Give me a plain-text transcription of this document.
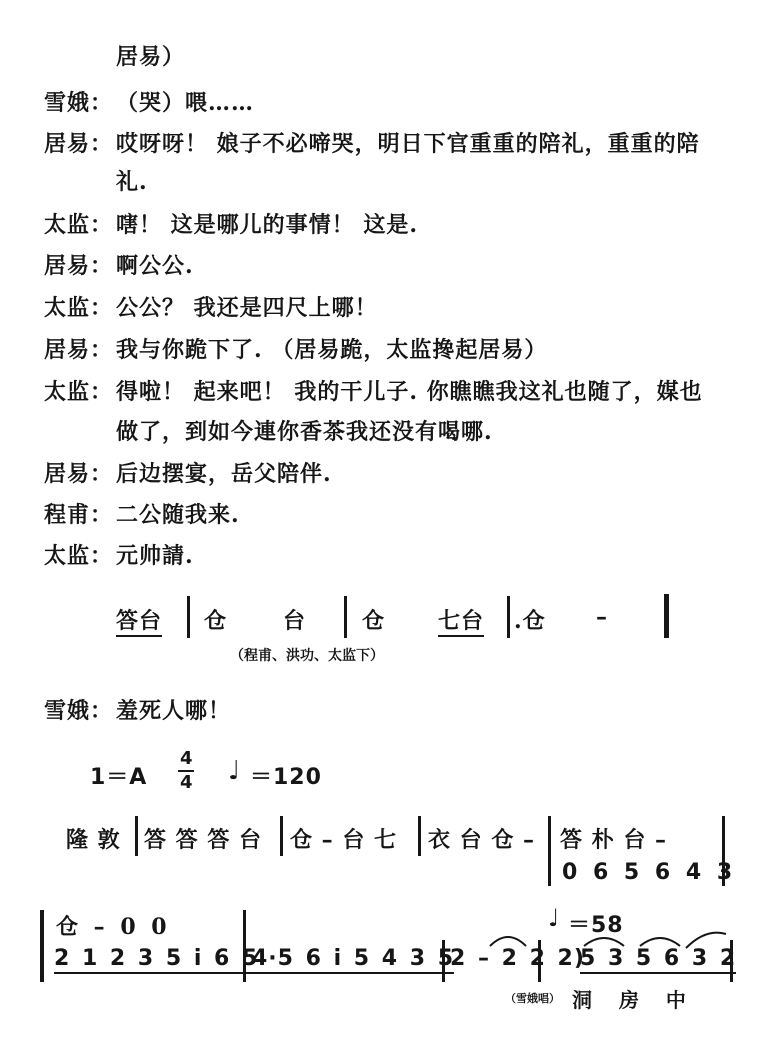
居易）
雪娥： （哭）喂……
居易： 哎呀呀！ 娘子不必啼哭，明日下官重重的陪礼，重重的陪
礼.
太监： 嗐！ 这是哪儿的事情！ 这是.
居易： 啊公公.
太监： 公公？ 我还是四尺上哪！
居易： 我与你跪下了. （居易跪，太监搀起居易）
太监： 得啦！ 起来吧！ 我的干儿子. 你瞧瞧我这礼也随了，媒也
做了，到如今連你香茶我还没有喝哪.
居易： 后边摆宴，岳父陪伴.
程甫： 二公随我来.
太监： 元帅請.
答台 仓	台	仓 七台 .仓 –
（程甫、洪功、太监下）
雪娥： 羞死人哪！
1＝A
4
4 ♩ ＝120
隆 敦 答 答 答 台 仓 – 台 七 衣 台 仓 – 答 朴 台 –
0 6 5 6 4 3
仓 – 0 0	♩ ＝58
2 1 2 3 5 i 6 5
4·5 6 i 5 4 3 5
2 – 2 2 2)
5 3 5 6 3 2
（雪娥唱） 洞 房 中
